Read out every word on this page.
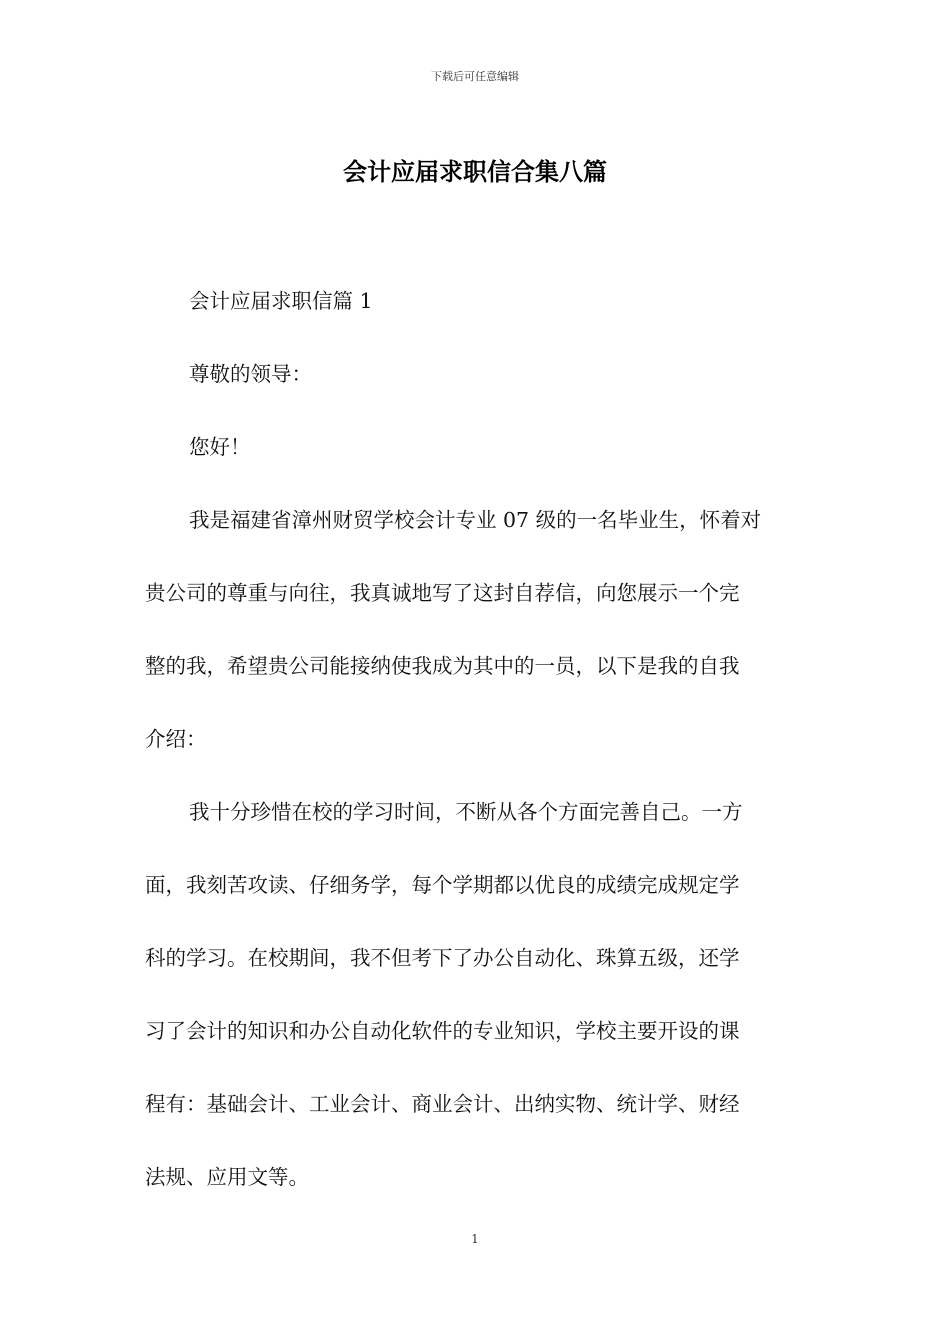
下载后可任意编辑
会计应届求职信合集八篇
会计应届求职信篇 1
尊敬的领导：
您好！
我是福建省漳州财贸学校会计专业 07 级的一名毕业生，怀着对
贵公司的尊重与向往，我真诚地写了这封自荐信，向您展示一个完
整的我，希望贵公司能接纳使我成为其中的一员，以下是我的自我
介绍：
我十分珍惜在校的学习时间，不断从各个方面完善自己。一方
面，我刻苦攻读、仔细务学，每个学期都以优良的成绩完成规定学
科的学习。在校期间，我不但考下了办公自动化、珠算五级，还学
习了会计的知识和办公自动化软件的专业知识，学校主要开设的课
程有：基础会计、工业会计、商业会计、出纳实物、统计学、财经
法规、应用文等。
1
